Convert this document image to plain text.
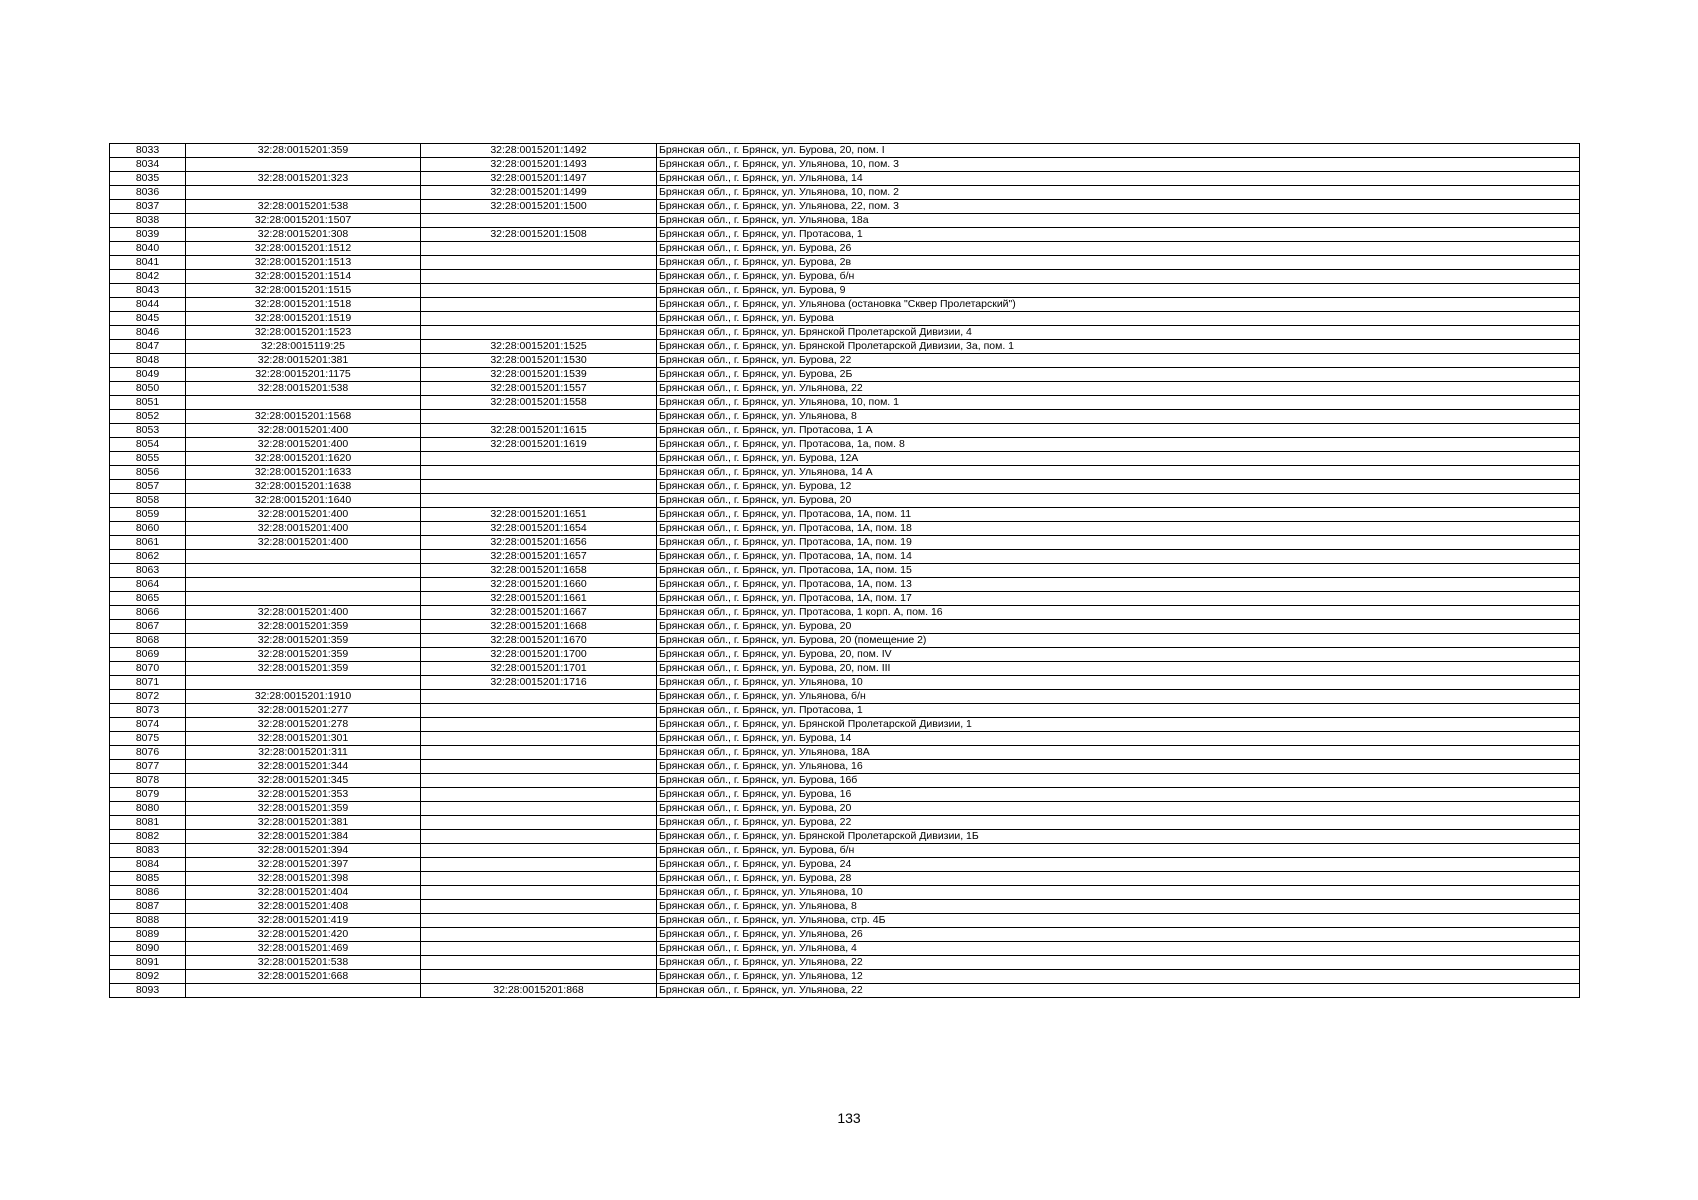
8033	32:28:0015201:359	32:28:0015201:1492	Брянская обл., г. Брянск, ул. Бурова, 20, пом. I
8034		32:28:0015201:1493	Брянская обл., г. Брянск, ул. Ульянова, 10, пом. 3
8035	32:28:0015201:323	32:28:0015201:1497	Брянская обл., г. Брянск, ул. Ульянова, 14
8036		32:28:0015201:1499	Брянская обл., г. Брянск, ул. Ульянова, 10, пом. 2
8037	32:28:0015201:538	32:28:0015201:1500	Брянская обл., г. Брянск, ул. Ульянова, 22, пом. 3
8038	32:28:0015201:1507		Брянская обл., г. Брянск, ул. Ульянова, 18а
8039	32:28:0015201:308	32:28:0015201:1508	Брянская обл., г. Брянск, ул. Протасова, 1
8040	32:28:0015201:1512		Брянская обл., г. Брянск, ул. Бурова, 26
8041	32:28:0015201:1513		Брянская обл., г. Брянск, ул. Бурова, 2в
8042	32:28:0015201:1514		Брянская обл., г. Брянск, ул. Бурова, б/н
8043	32:28:0015201:1515		Брянская обл., г. Брянск, ул. Бурова, 9
8044	32:28:0015201:1518		Брянская обл., г. Брянск, ул. Ульянова (остановка "Сквер Пролетарский")
8045	32:28:0015201:1519		Брянская обл., г. Брянск, ул. Бурова
8046	32:28:0015201:1523		Брянская обл., г. Брянск, ул. Брянской Пролетарской Дивизии, 4
8047	32:28:0015119:25	32:28:0015201:1525	Брянская обл., г. Брянск, ул. Брянской Пролетарской Дивизии, 3а, пом. 1
8048	32:28:0015201:381	32:28:0015201:1530	Брянская обл., г. Брянск, ул. Бурова, 22
8049	32:28:0015201:1175	32:28:0015201:1539	Брянская обл., г. Брянск, ул. Бурова, 2Б
8050	32:28:0015201:538	32:28:0015201:1557	Брянская обл., г. Брянск, ул. Ульянова, 22
8051		32:28:0015201:1558	Брянская обл., г. Брянск, ул. Ульянова, 10, пом. 1
8052	32:28:0015201:1568		Брянская обл., г. Брянск, ул. Ульянова, 8
8053	32:28:0015201:400	32:28:0015201:1615	Брянская обл., г. Брянск, ул. Протасова, 1 А
8054	32:28:0015201:400	32:28:0015201:1619	Брянская обл., г. Брянск, ул. Протасова, 1а, пом. 8
8055	32:28:0015201:1620		Брянская обл., г. Брянск, ул. Бурова, 12А
8056	32:28:0015201:1633		Брянская обл., г. Брянск, ул. Ульянова, 14 А
8057	32:28:0015201:1638		Брянская обл., г. Брянск, ул. Бурова, 12
8058	32:28:0015201:1640		Брянская обл., г. Брянск, ул. Бурова, 20
8059	32:28:0015201:400	32:28:0015201:1651	Брянская обл., г. Брянск, ул. Протасова, 1А, пом. 11
8060	32:28:0015201:400	32:28:0015201:1654	Брянская обл., г. Брянск, ул. Протасова, 1А, пом. 18
8061	32:28:0015201:400	32:28:0015201:1656	Брянская обл., г. Брянск, ул. Протасова, 1А, пом. 19
8062		32:28:0015201:1657	Брянская обл., г. Брянск, ул. Протасова, 1А, пом. 14
8063		32:28:0015201:1658	Брянская обл., г. Брянск, ул. Протасова, 1А, пом. 15
8064		32:28:0015201:1660	Брянская обл., г. Брянск, ул. Протасова, 1А, пом. 13
8065		32:28:0015201:1661	Брянская обл., г. Брянск, ул. Протасова, 1А, пом. 17
8066	32:28:0015201:400	32:28:0015201:1667	Брянская обл., г. Брянск, ул. Протасова, 1 корп. А, пом. 16
8067	32:28:0015201:359	32:28:0015201:1668	Брянская обл., г. Брянск, ул. Бурова, 20
8068	32:28:0015201:359	32:28:0015201:1670	Брянская обл., г. Брянск, ул. Бурова, 20 (помещение 2)
8069	32:28:0015201:359	32:28:0015201:1700	Брянская обл., г. Брянск, ул. Бурова, 20, пом. IV
8070	32:28:0015201:359	32:28:0015201:1701	Брянская обл., г. Брянск, ул. Бурова, 20, пом. III
8071		32:28:0015201:1716	Брянская обл., г. Брянск, ул. Ульянова, 10
8072	32:28:0015201:1910		Брянская обл., г. Брянск, ул. Ульянова, б/н
8073	32:28:0015201:277		Брянская обл., г. Брянск, ул. Протасова, 1
8074	32:28:0015201:278		Брянская обл., г. Брянск, ул. Брянской Пролетарской Дивизии, 1
8075	32:28:0015201:301		Брянская обл., г. Брянск, ул. Бурова, 14
8076	32:28:0015201:311		Брянская обл., г. Брянск, ул. Ульянова, 18А
8077	32:28:0015201:344		Брянская обл., г. Брянск, ул. Ульянова, 16
8078	32:28:0015201:345		Брянская обл., г. Брянск, ул. Бурова, 16б
8079	32:28:0015201:353		Брянская обл., г. Брянск, ул. Бурова, 16
8080	32:28:0015201:359		Брянская обл., г. Брянск, ул. Бурова, 20
8081	32:28:0015201:381		Брянская обл., г. Брянск, ул. Бурова, 22
8082	32:28:0015201:384		Брянская обл., г. Брянск, ул. Брянской Пролетарской Дивизии, 1Б
8083	32:28:0015201:394		Брянская обл., г. Брянск, ул. Бурова, б/н
8084	32:28:0015201:397		Брянская обл., г. Брянск, ул. Бурова, 24
8085	32:28:0015201:398		Брянская обл., г. Брянск, ул. Бурова, 28
8086	32:28:0015201:404		Брянская обл., г. Брянск, ул. Ульянова, 10
8087	32:28:0015201:408		Брянская обл., г. Брянск, ул. Ульянова, 8
8088	32:28:0015201:419		Брянская обл., г. Брянск, ул. Ульянова, стр. 4Б
8089	32:28:0015201:420		Брянская обл., г. Брянск, ул. Ульянова, 26
8090	32:28:0015201:469		Брянская обл., г. Брянск, ул. Ульянова, 4
8091	32:28:0015201:538		Брянская обл., г. Брянск, ул. Ульянова, 22
8092	32:28:0015201:668		Брянская обл., г. Брянск, ул. Ульянова, 12
8093		32:28:0015201:868	Брянская обл., г. Брянск, ул. Ульянова, 22
133
